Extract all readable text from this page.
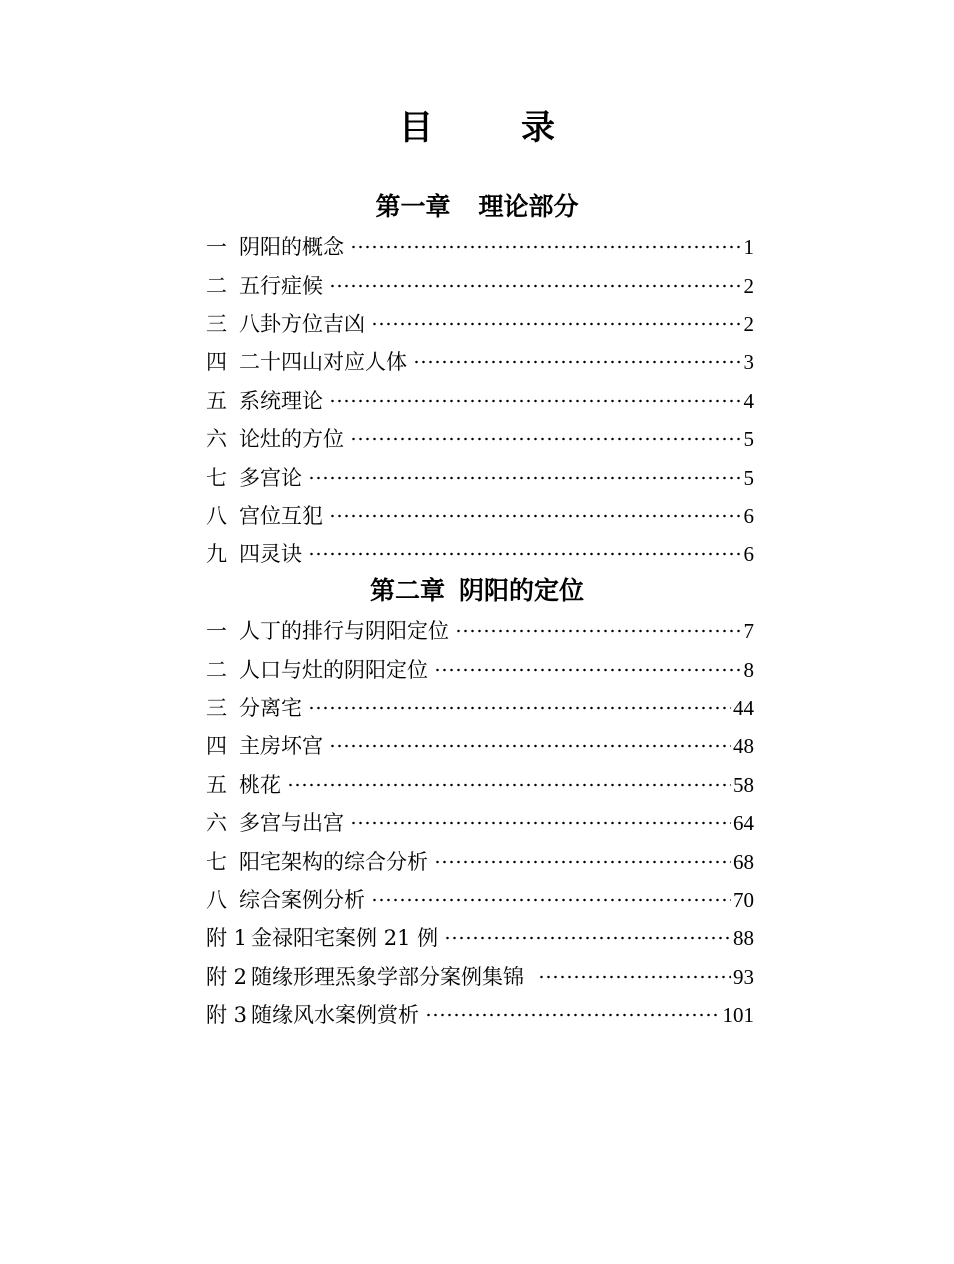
目	录
第一章 理论部分
一 阴阳的概念	1
二 五行症候	2
三 八卦方位吉凶	2
四 二十四山对应人体	3
五 系统理论	4
六 论灶的方位	5
七 多宫论	5
八 宫位互犯	6
九 四灵诀	6
第二章 阴阳的定位
一 人丁的排行与阴阳定位	7
二 人口与灶的阴阳定位	8
三 分离宅	44
四 主房坏宫	48
五 桃花	58
六 多宫与出宫	64
七 阳宅架构的综合分析	68
八 综合案例分析	70
附 1 金禄阳宅案例 21 例	88
附 2 随缘形理炁象学部分案例集锦	93
附 3 随缘风水案例赏析	101
